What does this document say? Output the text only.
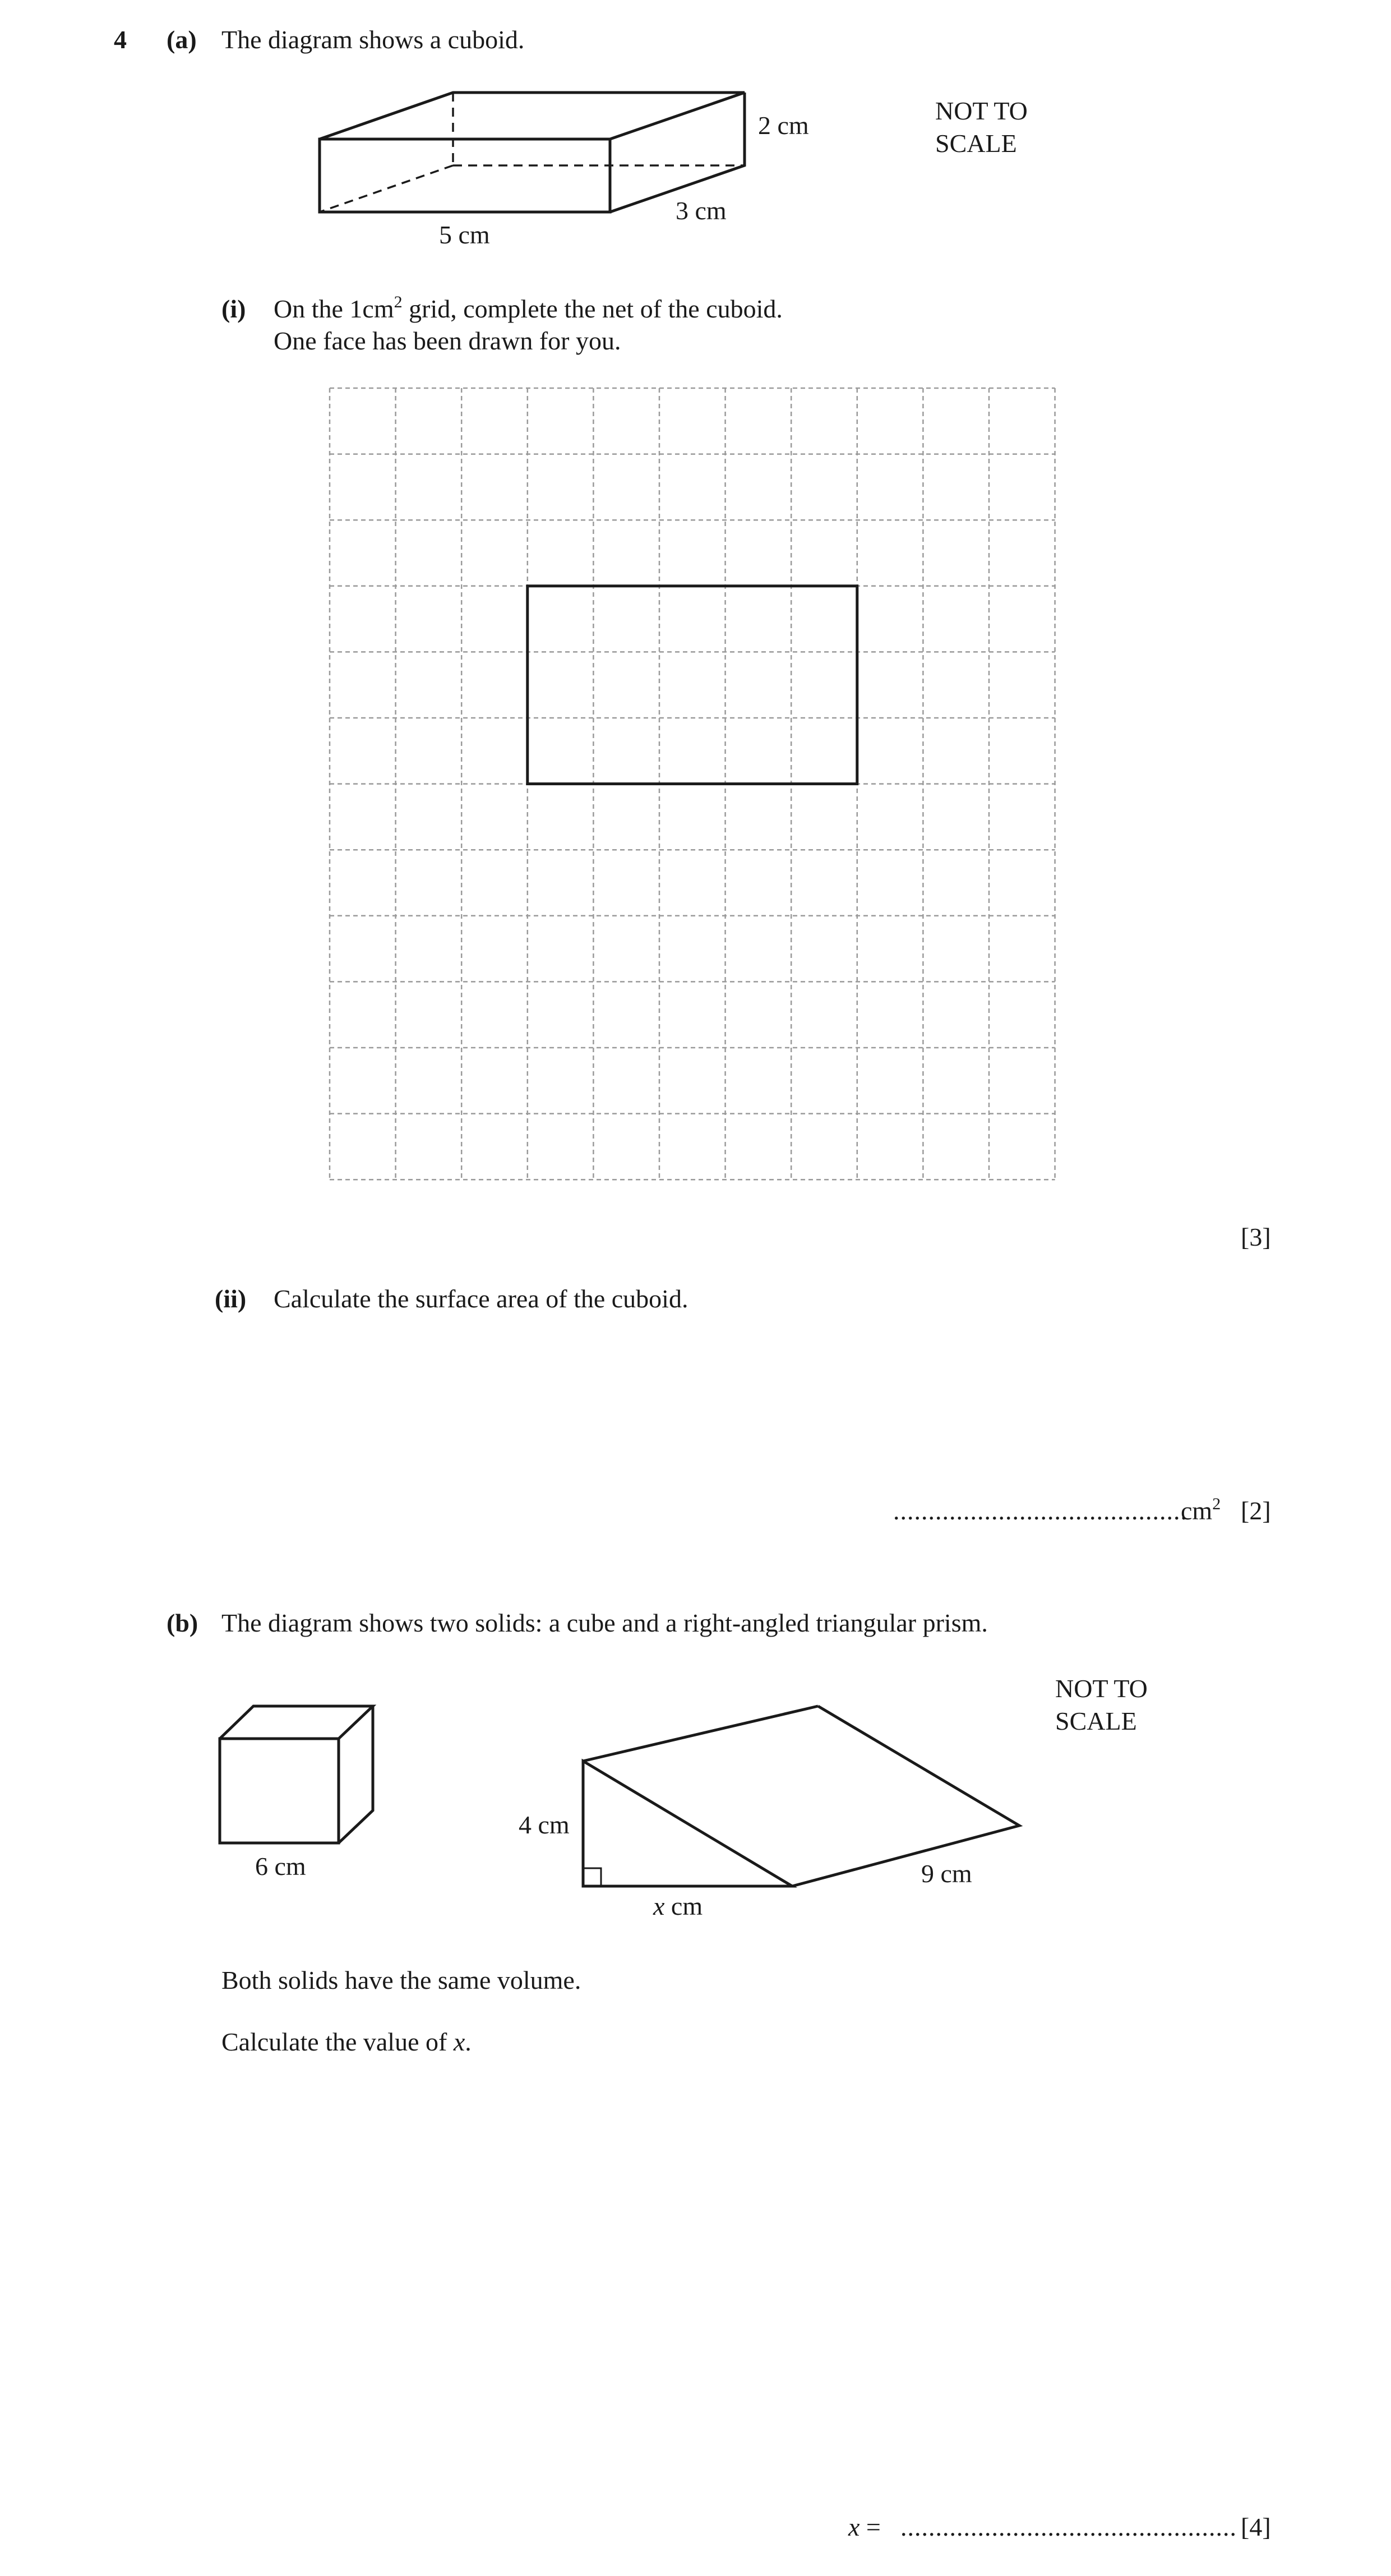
4 (a) The diagram shows a cuboid.
2 cm
3 cm
5 cm
NOT TO
SCALE
(i) On the $1cm^2$ grid, complete the net of the cuboid.
One face has been drawn for you.
[3]
(ii) Calculate the surface area of the cuboid.
..........................................
$cm^2$ [2]
(b) The diagram shows two solids: a cube and a right-angled triangular prism.
6 cm
4 cm
x cm
9 cm
NOT TO
SCALE
Both solids have the same volume.
Calculate the value of x.
x = ................................................ [4]
